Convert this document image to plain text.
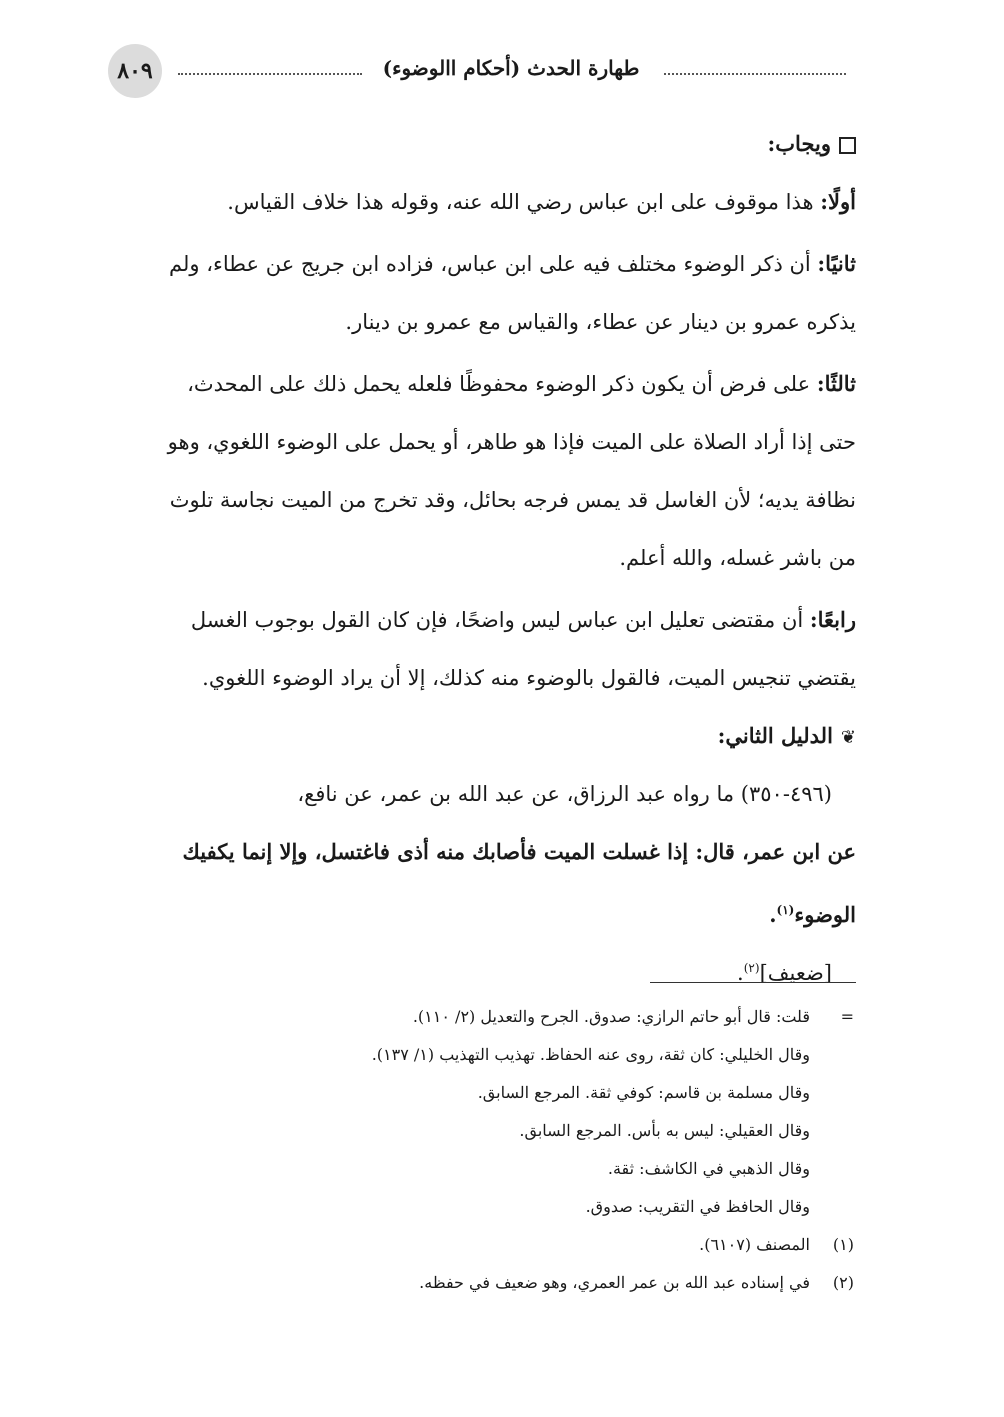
٨٠٩	طهارة الحدث (أحكام االوضوء)
ويجاب:
أولًا: هذا موقوف على ابن عباس رضي الله عنه، وقوله هذا خلاف القياس.
ثانيًا: أن ذكر الوضوء مختلف فيه على ابن عباس، فزاده ابن جريج عن عطاء، ولم
يذكره عمرو بن دينار عن عطاء، والقياس مع عمرو بن دينار.
ثالثًا: على فرض أن يكون ذكر الوضوء محفوظًا فلعله يحمل ذلك على المحدث،
حتى إذا أراد الصلاة على الميت فإذا هو طاهر، أو يحمل على الوضوء اللغوي، وهو
نظافة يديه؛ لأن الغاسل قد يمس فرجه بحائل، وقد تخرج من الميت نجاسة تلوث
من باشر غسله، والله أعلم.
رابعًا: أن مقتضى تعليل ابن عباس ليس واضحًا، فإن كان القول بوجوب الغسل
يقتضي تنجيس الميت، فالقول بالوضوء منه كذلك، إلا أن يراد الوضوء اللغوي.
❦الدليل الثاني:
(٤٩٦-٣٥٠) ما رواه عبد الرزاق، عن عبد الله بن عمر، عن نافع،
عن ابن عمر، قال: إذا غسلت الميت فأصابك منه أذى فاغتسل، وإلا إنما يكفيك
الوضوء$^{(١)}$.
[ضعيف]$^{(٢)}$.
=
قلت: قال أبو حاتم الرازي: صدوق. الجرح والتعديل (٢/ ١١٠).
وقال الخليلي: كان ثقة، روى عنه الحفاظ. تهذيب التهذيب (١/ ١٣٧).
وقال مسلمة بن قاسم: كوفي ثقة. المرجع السابق.
وقال العقيلي: ليس به بأس. المرجع السابق.
وقال الذهبي في الكاشف: ثقة.
وقال الحافظ في التقريب: صدوق.
(١)
المصنف (٦١٠٧).
(٢)
في إسناده عبد الله بن عمر العمري، وهو ضعيف في حفظه.
